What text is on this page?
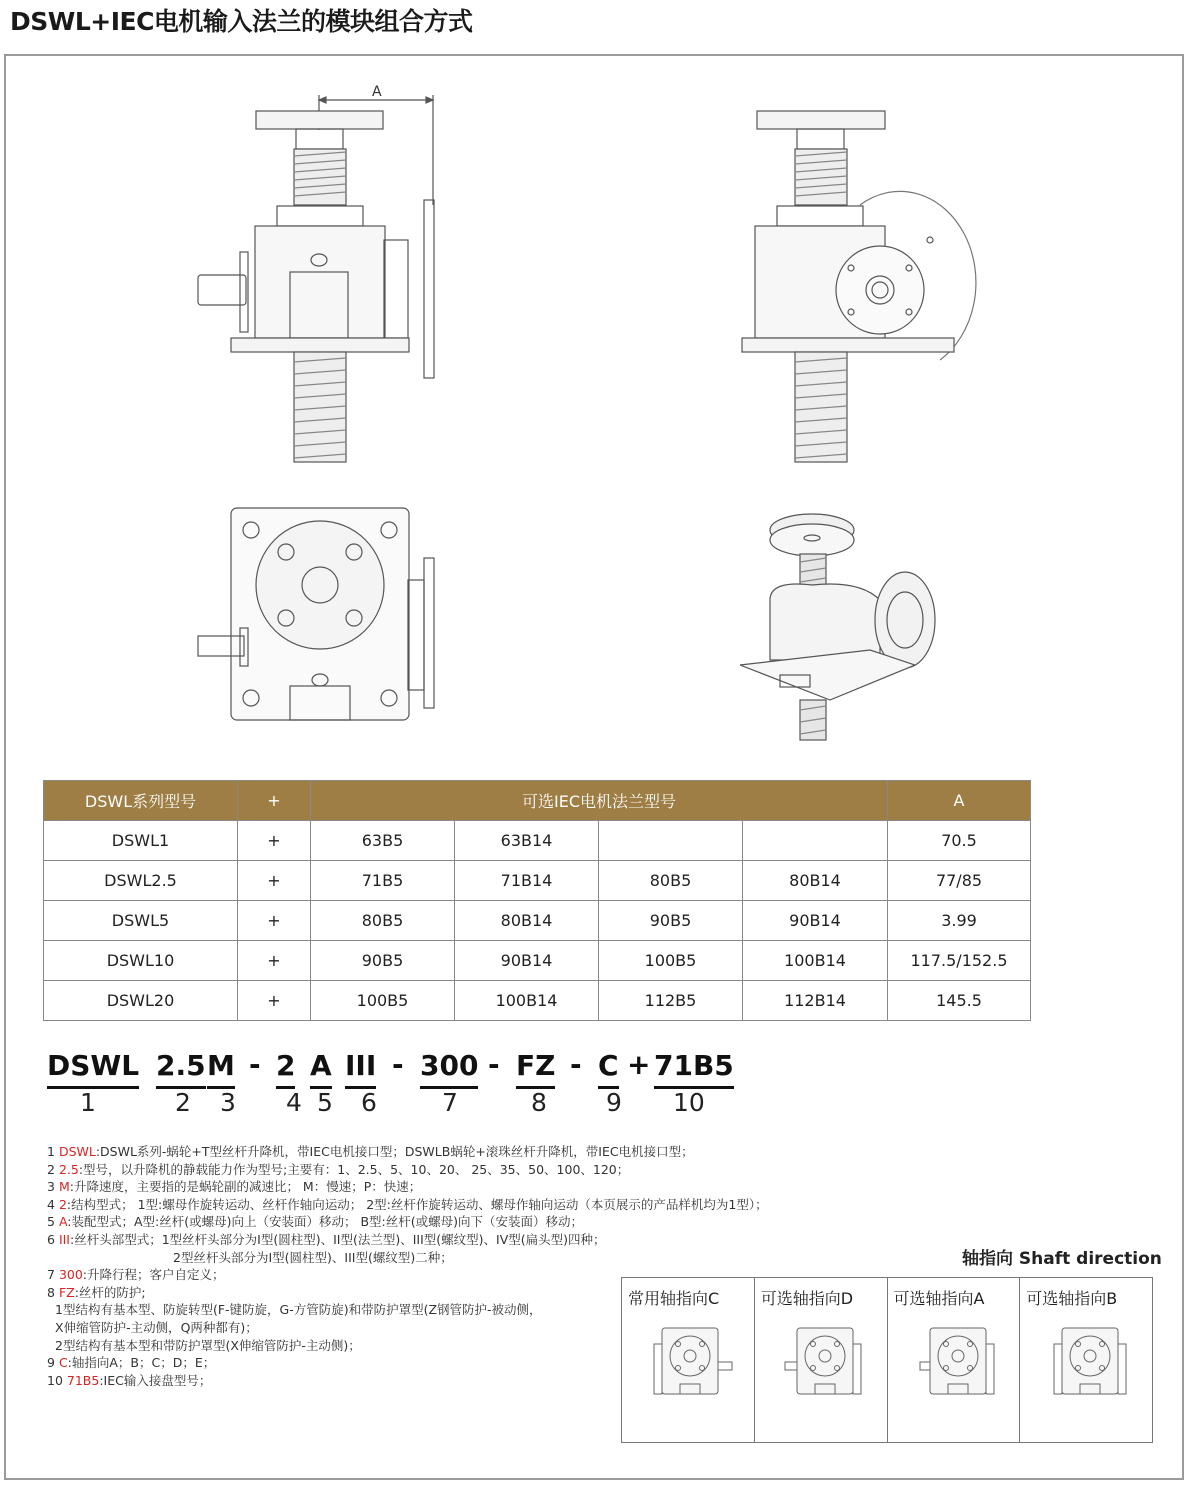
DSWL+IEC电机输入法兰的模块组合方式
A
DSWL系列型号	+	可选IEC电机法兰型号				A
DSWL1	+	63B5	63B14			70.5
DSWL2.5	+	71B5	71B14	80B5	80B14	77/85
DSWL5	+	80B5	80B14	90B5	90B14	3.99
DSWL10	+	90B5	90B14	100B5	100B14	117.5/152.5
DSWL20	+	100B5	100B14	112B5	112B14	145.5
DSWL 2.5 M - 2 A III - 300 - FZ - C + 71B5
1	2 3 4 5 6	7	8 9 10
1 DSWL:DSWL系列-蜗轮+T型丝杆升降机，带IEC电机接口型；DSWLB蜗轮+滚珠丝杆升降机，带IEC电机接口型；
2 2.5:型号，以升降机的静载能力作为型号;主要有：1、2.5、5、10、20、 25、35、50、100、120；
3 M:升降速度，主要指的是蜗轮副的减速比； M：慢速；P：快速；
4 2:结构型式； 1型:螺母作旋转运动、丝杆作轴向运动； 2型:丝杆作旋转运动、螺母作轴向运动（本页展示的产品样机均为1型）；
5 A:装配型式；A型:丝杆(或螺母)向上（安装面）移动； B型:丝杆(或螺母)向下（安装面）移动；
6 III:丝杆头部型式；1型丝杆头部分为I型(圆柱型)、II型(法兰型)、III型(螺纹型)、IV型(扁头型)四种；
2型丝杆头部分为I型(圆柱型)、III型(螺纹型)二种；
7 300:升降行程；客户自定义；
8 FZ:丝杆的防护;
1型结构有基本型、防旋转型(F-键防旋，G-方管防旋)和带防护罩型(Z钢管防护-被动侧，
X伸缩管防护-主动侧，Q两种都有)；
2型结构有基本型和带防护罩型(X伸缩管防护-主动侧)；
9 C:轴指向A；B；C；D；E；
10 71B5:IEC输入接盘型号；
轴指向 Shaft direction
常用轴指向C	可选轴指向D	可选轴指向A	可选轴指向B
